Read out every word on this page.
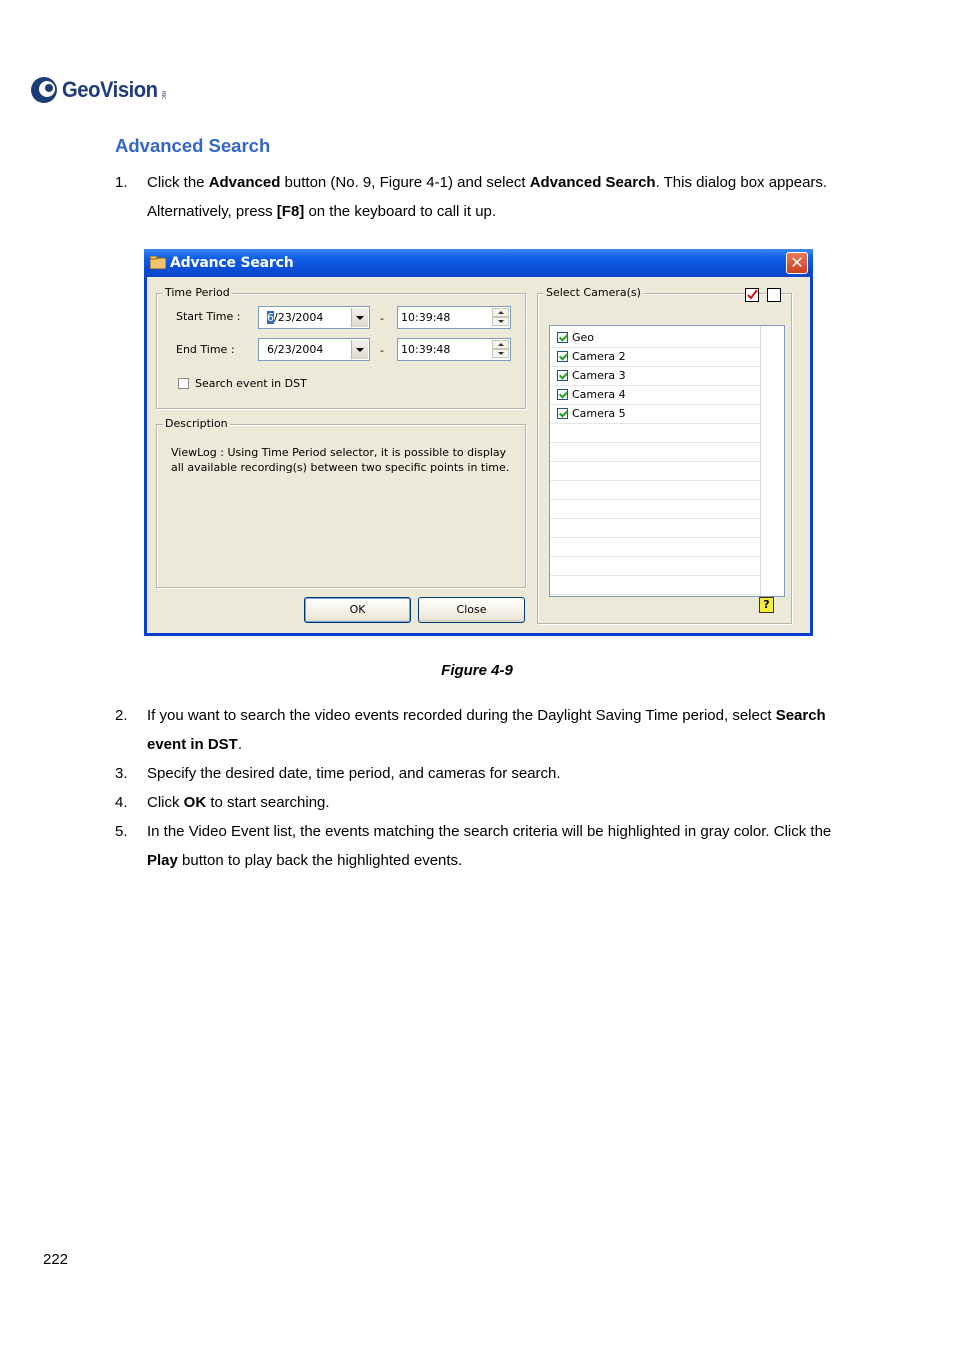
GeoVision INC
Advanced Search
1.	Click the Advanced button (No. 9, Figure 4-1) and select Advanced Search. This dialog box appears. Alternatively, press [F8] on the keyboard to call it up.
Advance Search	✕
Time Period
Start Time :	6/23/2004	-	10:39:48
End Time :	6/23/2004	-	10:39:48
Search event in DST
Description
ViewLog : Using Time Period selector, it is possible to display all available recording(s) between two specific points in time.
OK	Close
Select Camera(s)
Geo
Camera 2
Camera 3
Camera 4
Camera 5
?
Figure 4-9
2.	If you want to search the video events recorded during the Daylight Saving Time period, select Search event in DST.
3.	Specify the desired date, time period, and cameras for search.
4.	Click OK to start searching.
5.	In the Video Event list, the events matching the search criteria will be highlighted in gray color. Click the Play button to play back the highlighted events.
222
